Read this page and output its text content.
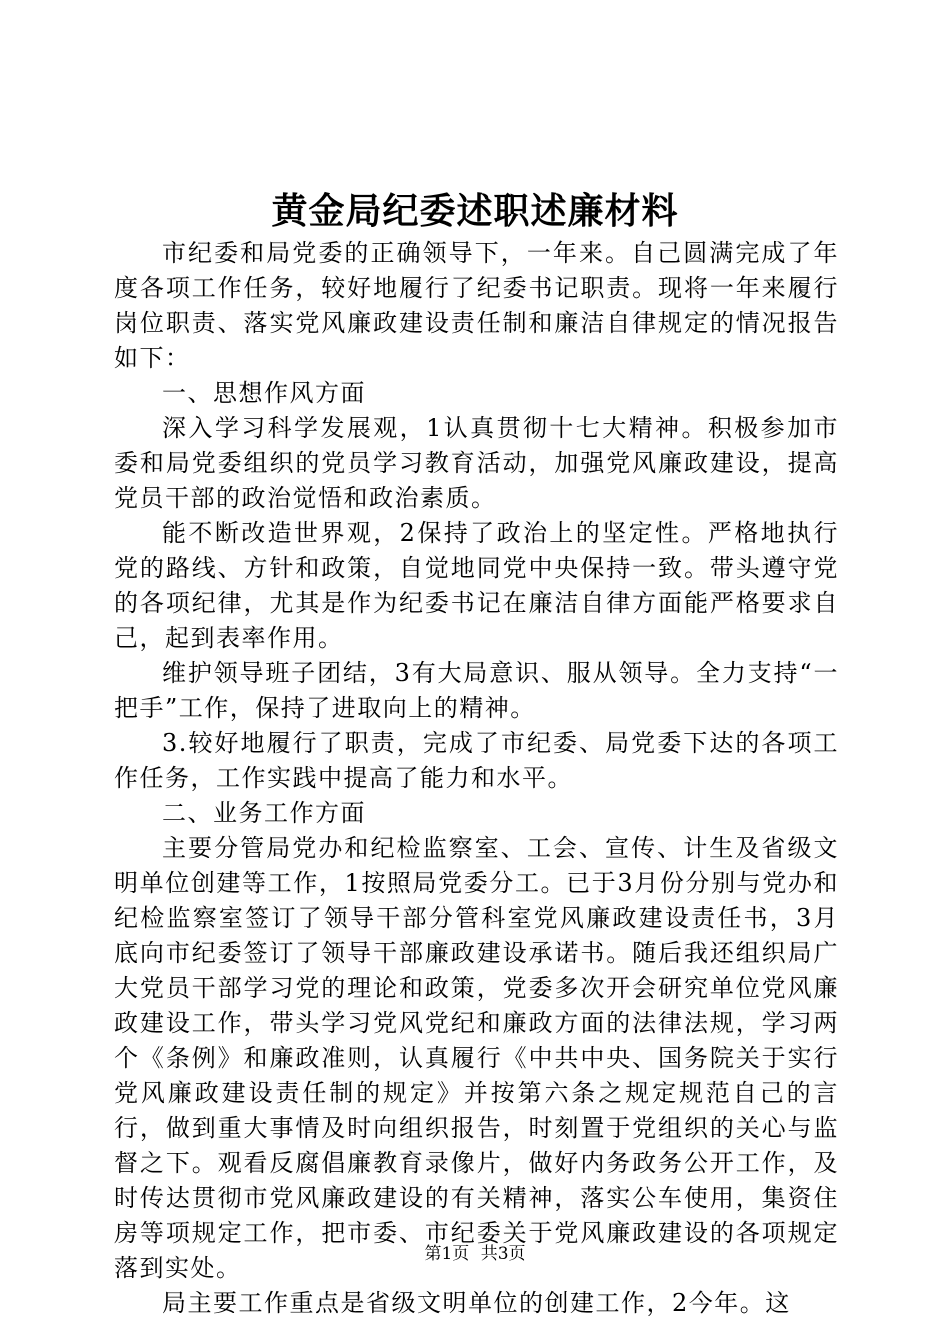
黄金局纪委述职述廉材料

市纪委和局党委的正确领导下，一年来。自己圆满完成了年度各项工作任务，较好地履行了纪委书记职责。现将一年来履行岗位职责、落实党风廉政建设责任制和廉洁自律规定的情况报告如下：

一、思想作风方面

深入学习科学发展观，1认真贯彻十七大精神。积极参加市委和局党委组织的党员学习教育活动，加强党风廉政建设，提高党员干部的政治觉悟和政治素质。

能不断改造世界观，2保持了政治上的坚定性。严格地执行党的路线、方针和政策，自觉地同党中央保持一致。带头遵守党的各项纪律，尤其是作为纪委书记在廉洁自律方面能严格要求自己，起到表率作用。

维护领导班子团结，3有大局意识、服从领导。全力支持“一把手”工作，保持了进取向上的精神。

3.较好地履行了职责，完成了市纪委、局党委下达的各项工作任务，工作实践中提高了能力和水平。

二、业务工作方面

主要分管局党办和纪检监察室、工会、宣传、计生及省级文明单位创建等工作，1按照局党委分工。已于3月份分别与党办和纪检监察室签订了领导干部分管科室党风廉政建设责任书，3月底向市纪委签订了领导干部廉政建设承诺书。随后我还组织局广大党员干部学习党的理论和政策，党委多次开会研究单位党风廉政建设工作，带头学习党风党纪和廉政方面的法律法规，学习两个《条例》和廉政准则，认真履行《中共中央、国务院关于实行党风廉政建设责任制的规定》并按第六条之规定规范自己的言行，做到重大事情及时向组织报告，时刻置于党组织的关心与监督之下。观看反腐倡廉教育录像片，做好内务政务公开工作，及时传达贯彻市党风廉政建设的有关精神，落实公车使用，集资住房等项规定工作，把市委、市纪委关于党风廉政建设的各项规定落到实处。

局主要工作重点是省级文明单位的创建工作，2今年。这

第1页 共3页
